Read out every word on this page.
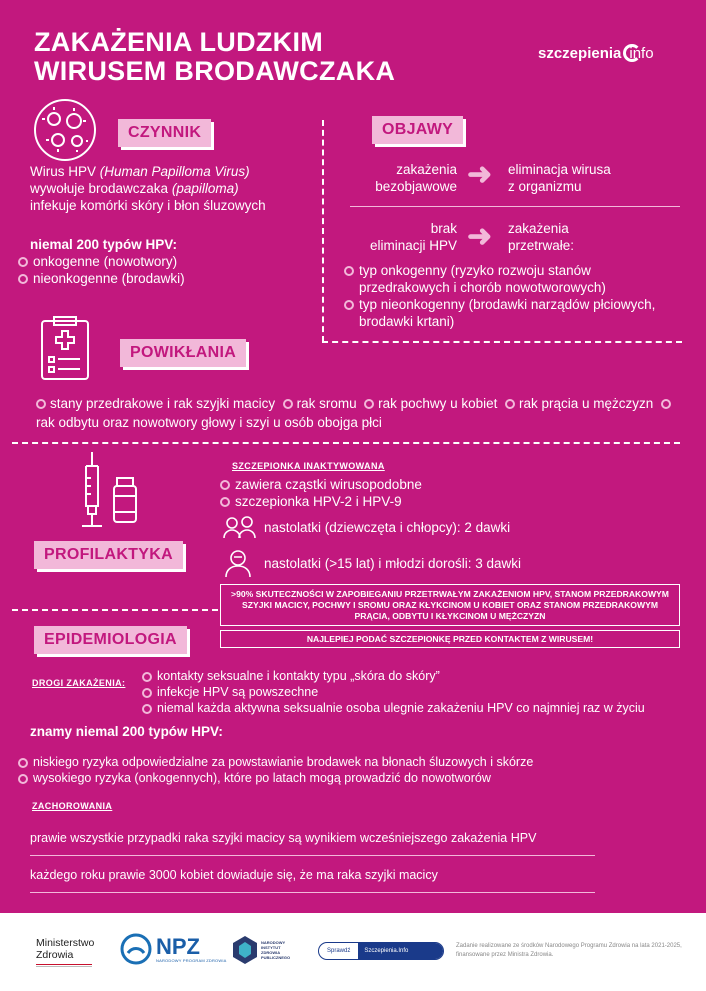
ZAKAŻENIA LUDZKIM
WIRUSEM BRODAWCZAKA
szczepienia info
CZYNNIK
Wirus HPV (Human Papilloma Virus)
wywołuje brodawczaka (papilloma)
infekuje komórki skóry i błon śluzowych
niemal 200 typów HPV:
onkogenne (nowotwory)
nieonkogenne (brodawki)
OBJAWY
zakażenia
bezobjawowe ➜ eliminacja wirusa
z organizmu
brak
eliminacji HPV ➜ zakażenia
przetrwałe:
typ onkogenny (ryzyko rozwoju stanów przedrakowych i chorób nowotworowych)
typ nieonkogenny (brodawki narządów płciowych, brodawki krtani)
POWIKŁANIA
stany przedrakowe i rak szyjki macicy rak sromu rak pochwy u kobiet rak prącia u mężczyzn  rak odbytu oraz nowotwory głowy i szyi u osób obojga płci
PROFILAKTYKA
SZCZEPIONKA INAKTYWOWANA
zawiera cząstki wirusopodobne
szczepionka HPV-2 i HPV-9
nastolatki (dziewczęta i chłopcy): 2 dawki
nastolatki (>15 lat) i młodzi dorośli: 3 dawki
>90% SKUTECZNOŚCI W ZAPOBIEGANIU PRZETRWAŁYM ZAKAŻENIOM HPV, STANOM PRZEDRAKOWYM SZYJKI MACICY, POCHWY I SROMU ORAZ KŁYKCINOM U KOBIET ORAZ STANOM PRZEDRAKOWYM PRĄCIA, ODBYTU I KŁYKCINOM U MĘŻCZYZN
NAJLEPIEJ PODAĆ SZCZEPIONKĘ PRZED KONTAKTEM Z WIRUSEM!
EPIDEMIOLOGIA
DROGI ZAKAŻENIA:	kontakty seksualne i kontakty typu „skóra do skóry”
infekcje HPV są powszechne
niemal każda aktywna seksualnie osoba ulegnie zakażeniu HPV co najmniej raz w życiu
znamy niemal 200 typów HPV:
niskiego ryzyka odpowiedzialne za powstawianie brodawek na błonach śluzowych i skórze
wysokiego ryzyka (onkogennych), które po latach mogą prowadzić do nowotworów
ZACHOROWANIA
prawie wszystkie przypadki raka szyjki macicy są wynikiem wcześniejszego zakażenia HPV
każdego roku prawie 3000 kobiet dowiaduje się, że ma raka szyjki macicy
Ministerstwo
Zdrowia	NPZ
NARODOWY PROGRAM ZDROWIA
NARODOWY INSTYTUT ZDROWIA PUBLICZNEGO
Sprawdź	Szczepienia.Info
Zadanie realizowane ze środków Narodowego Programu Zdrowia na lata 2021-2025, finansowane przez Ministra Zdrowia.
